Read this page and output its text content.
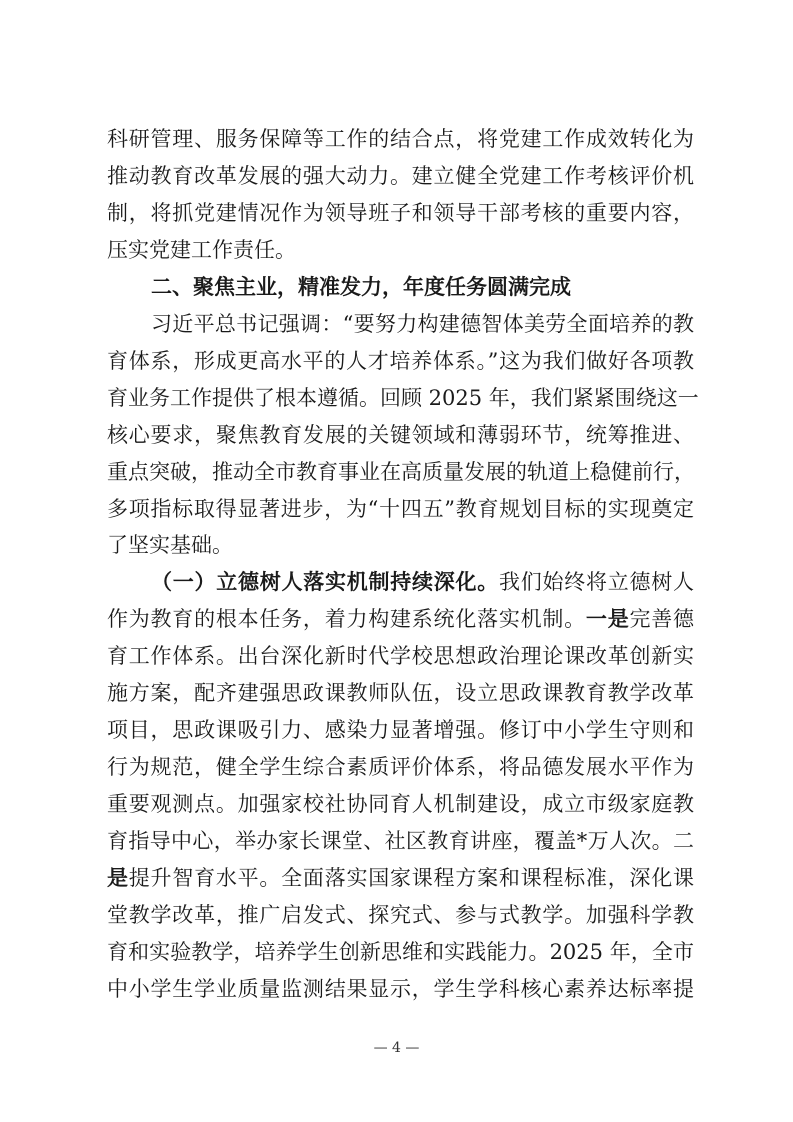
科研管理、服务保障等工作的结合点，将党建工作成效转化为
推动教育改革发展的强大动力。建立健全党建工作考核评价机
制，将抓党建情况作为领导班子和领导干部考核的重要内容，
压实党建工作责任。
二、聚焦主业，精准发力，年度任务圆满完成
习近平总书记强调：“要努力构建德智体美劳全面培养的教
育体系，形成更高水平的人才培养体系。”这为我们做好各项教
育业务工作提供了根本遵循。回顾 2025 年，我们紧紧围绕这一
核心要求，聚焦教育发展的关键领域和薄弱环节，统筹推进、
重点突破，推动全市教育事业在高质量发展的轨道上稳健前行，
多项指标取得显著进步，为“十四五”教育规划目标的实现奠定
了坚实基础。
（一）立德树人落实机制持续深化。我们始终将立德树人
作为教育的根本任务，着力构建系统化落实机制。一是完善德
育工作体系。出台深化新时代学校思想政治理论课改革创新实
施方案，配齐建强思政课教师队伍，设立思政课教育教学改革
项目，思政课吸引力、感染力显著增强。修订中小学生守则和
行为规范，健全学生综合素质评价体系，将品德发展水平作为
重要观测点。加强家校社协同育人机制建设，成立市级家庭教
育指导中心，举办家长课堂、社区教育讲座，覆盖*万人次。二
是提升智育水平。全面落实国家课程方案和课程标准，深化课
堂教学改革，推广启发式、探究式、参与式教学。加强科学教
育和实验教学，培养学生创新思维和实践能力。2025 年，全市
中小学生学业质量监测结果显示，学生学科核心素养达标率提
— 4 —
